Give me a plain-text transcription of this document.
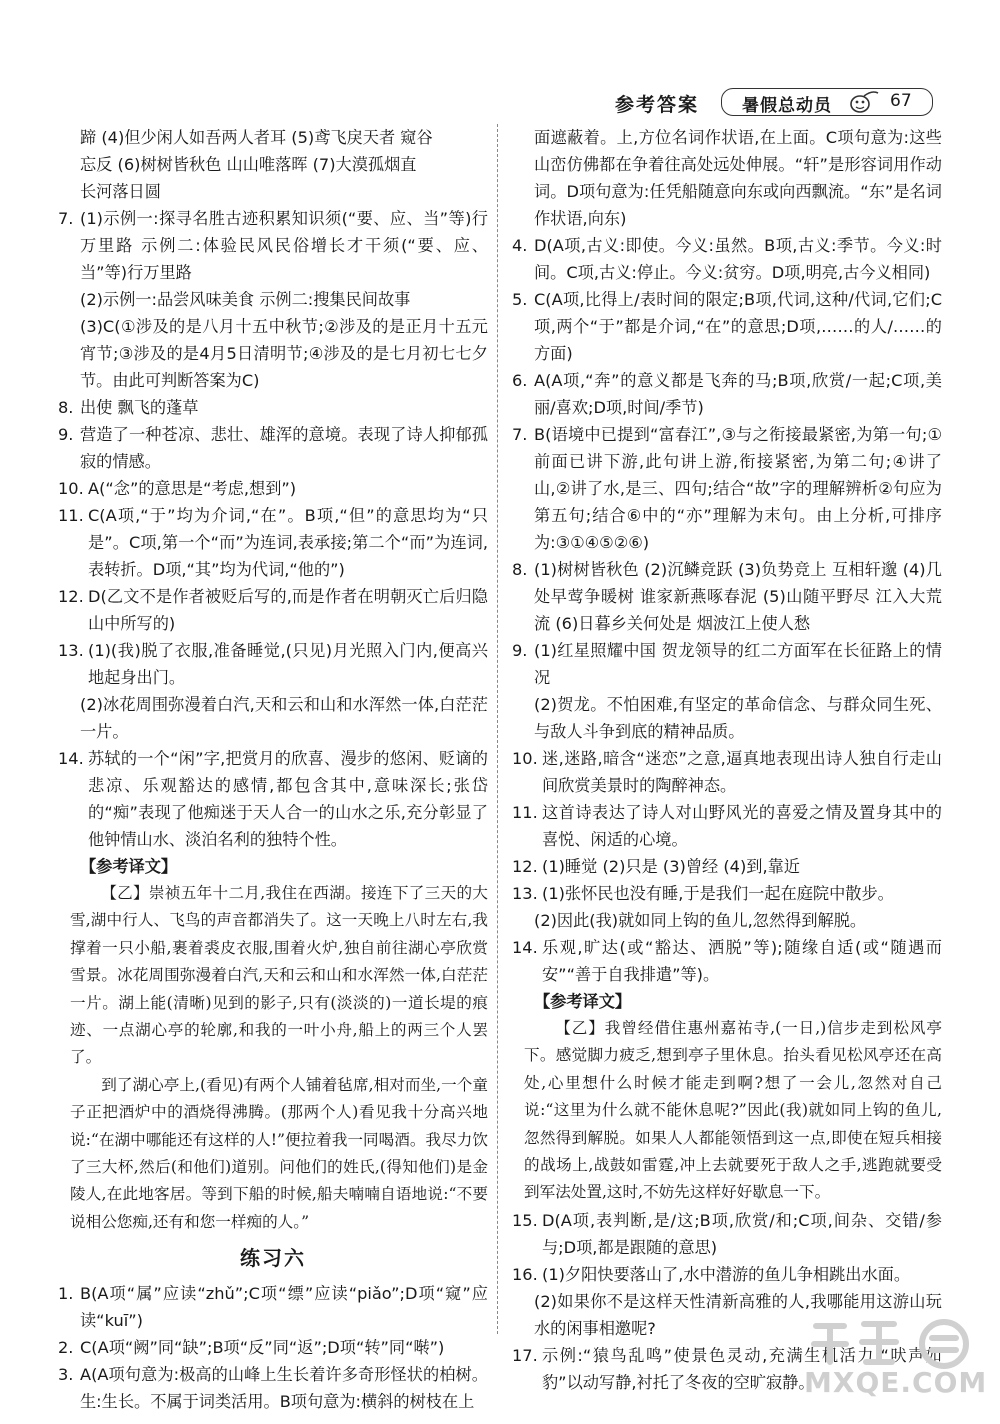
参考答案	暑假总动员	67
蹄 (4)但少闲人如吾两人者耳 (5)鸢飞戾天者 窥谷
忘反 (6)树树皆秋色 山山唯落晖 (7)大漠孤烟直
长河落日圆
7. (1)示例一:探寻名胜古迹积累知识须(“要、应、当”等)行万里路 示例二:体验民风民俗增长才干须(“要、应、当”等)行万里路
(2)示例一:品尝风味美食 示例二:搜集民间故事
(3)C(①涉及的是八月十五中秋节;②涉及的是正月十五元宵节;③涉及的是4月5日清明节;④涉及的是七月初七七夕节。由此可判断答案为C)
8. 出使 飘飞的蓬草
9. 营造了一种苍凉、悲壮、雄浑的意境。表现了诗人抑郁孤寂的情感。
10. A(“念”的意思是“考虑,想到”)
11. C(A项,“于”均为介词,“在”。B项,“但”的意思均为“只是”。C项,第一个“而”为连词,表承接;第二个“而”为连词,表转折。D项,“其”均为代词,“他的”)
12. D(乙文不是作者被贬后写的,而是作者在明朝灭亡后归隐山中所写的)
13. (1)(我)脱了衣服,准备睡觉,(只见)月光照入门内,便高兴地起身出门。
(2)冰花周围弥漫着白汽,天和云和山和水浑然一体,白茫茫一片。
14. 苏轼的一个“闲”字,把赏月的欣喜、漫步的悠闲、贬谪的悲凉、乐观豁达的感情,都包含其中,意味深长;张岱的“痴”表现了他痴迷于天人合一的山水之乐,充分彰显了他钟情山水、淡泊名利的独特个性。
【参考译文】
【乙】崇祯五年十二月,我住在西湖。接连下了三天的大雪,湖中行人、飞鸟的声音都消失了。这一天晚上八时左右,我撑着一只小船,裹着裘皮衣服,围着火炉,独自前往湖心亭欣赏雪景。冰花周围弥漫着白汽,天和云和山和水浑然一体,白茫茫一片。湖上能(清晰)见到的影子,只有(淡淡的)一道长堤的痕迹、一点湖心亭的轮廓,和我的一叶小舟,船上的两三个人罢了。
到了湖心亭上,(看见)有两个人铺着毡席,相对而坐,一个童子正把酒炉中的酒烧得沸腾。(那两个人)看见我十分高兴地说:“在湖中哪能还有这样的人!”便拉着我一同喝酒。我尽力饮了三大杯,然后(和他们)道别。问他们的姓氏,(得知他们)是金陵人,在此地客居。等到下船的时候,船夫喃喃自语地说:“不要说相公您痴,还有和您一样痴的人。”
练习六
1. B(A项“属”应读“zhǔ”;C项“缥”应读“piǎo”;D项“窥”应读“kuī”)
2. C(A项“阙”同“缺”;B项“反”同“返”;D项“转”同“啭”)
3. A(A项句意为:极高的山峰上生长着许多奇形怪状的柏树。生:生长。不属于词类活用。B项句意为:横斜的树枝在上
面遮蔽着。上,方位名词作状语,在上面。C项句意为:这些山峦仿佛都在争着往高处远处伸展。“轩”是形容词用作动词。D项句意为:任凭船随意向东或向西飘流。“东”是名词作状语,向东)
4. D(A项,古义:即使。今义:虽然。B项,古义:季节。今义:时间。C项,古义:停止。今义:贫穷。D项,明亮,古今义相同)
5. C(A项,比得上/表时间的限定;B项,代词,这种/代词,它们;C项,两个“于”都是介词,“在”的意思;D项,……的人/……的方面)
6. A(A项,“奔”的意义都是飞奔的马;B项,欣赏/一起;C项,美丽/喜欢;D项,时间/季节)
7. B(语境中已提到“富春江”,③与之衔接最紧密,为第一句;①前面已讲下游,此句讲上游,衔接紧密,为第二句;④讲了山,②讲了水,是三、四句;结合“故”字的理解辨析②句应为第五句;结合⑥中的“亦”理解为末句。由上分析,可排序为:③①④⑤②⑥)
8. (1)树树皆秋色 (2)沉鳞竞跃 (3)负势竞上 互相轩邈 (4)几处早莺争暖树 谁家新燕啄春泥 (5)山随平野尽 江入大荒流 (6)日暮乡关何处是 烟波江上使人愁
9. (1)红星照耀中国 贺龙领导的红二方面军在长征路上的情况
(2)贺龙。不怕困难,有坚定的革命信念、与群众同生死、与敌人斗争到底的精神品质。
10. 迷,迷路,暗含“迷恋”之意,逼真地表现出诗人独自行走山间欣赏美景时的陶醉神态。
11. 这首诗表达了诗人对山野风光的喜爱之情及置身其中的喜悦、闲适的心境。
12. (1)睡觉 (2)只是 (3)曾经 (4)到,靠近
13. (1)张怀民也没有睡,于是我们一起在庭院中散步。
(2)因此(我)就如同上钩的鱼儿,忽然得到解脱。
14. 乐观,旷达(或“豁达、洒脱”等);随缘自适(或“随遇而安”“善于自我排遣”等)。
【参考译文】
【乙】我曾经借住惠州嘉祐寺,(一日,)信步走到松风亭下。感觉脚力疲乏,想到亭子里休息。抬头看见松风亭还在高处,心里想什么时候才能走到啊?想了一会儿,忽然对自己说:“这里为什么就不能休息呢?”因此(我)就如同上钩的鱼儿,忽然得到解脱。如果人人都能领悟到这一点,即使在短兵相接的战场上,战鼓如雷霆,冲上去就要死于敌人之手,逃跑就要受到军法处置,这时,不妨先这样好好歇息一下。
15. D(A项,表判断,是/这;B项,欣赏/和;C项,间杂、交错/参与;D项,都是跟随的意思)
16. (1)夕阳快要落山了,水中潜游的鱼儿争相跳出水面。
(2)如果你不是这样天性清新高雅的人,我哪能用这游山玩水的闲事相邀呢?
17. 示例:“猿鸟乱鸣”使景色灵动,充满生机活力;“吠声如豹”以动写静,衬托了冬夜的空旷寂静。
MXQE.COM
